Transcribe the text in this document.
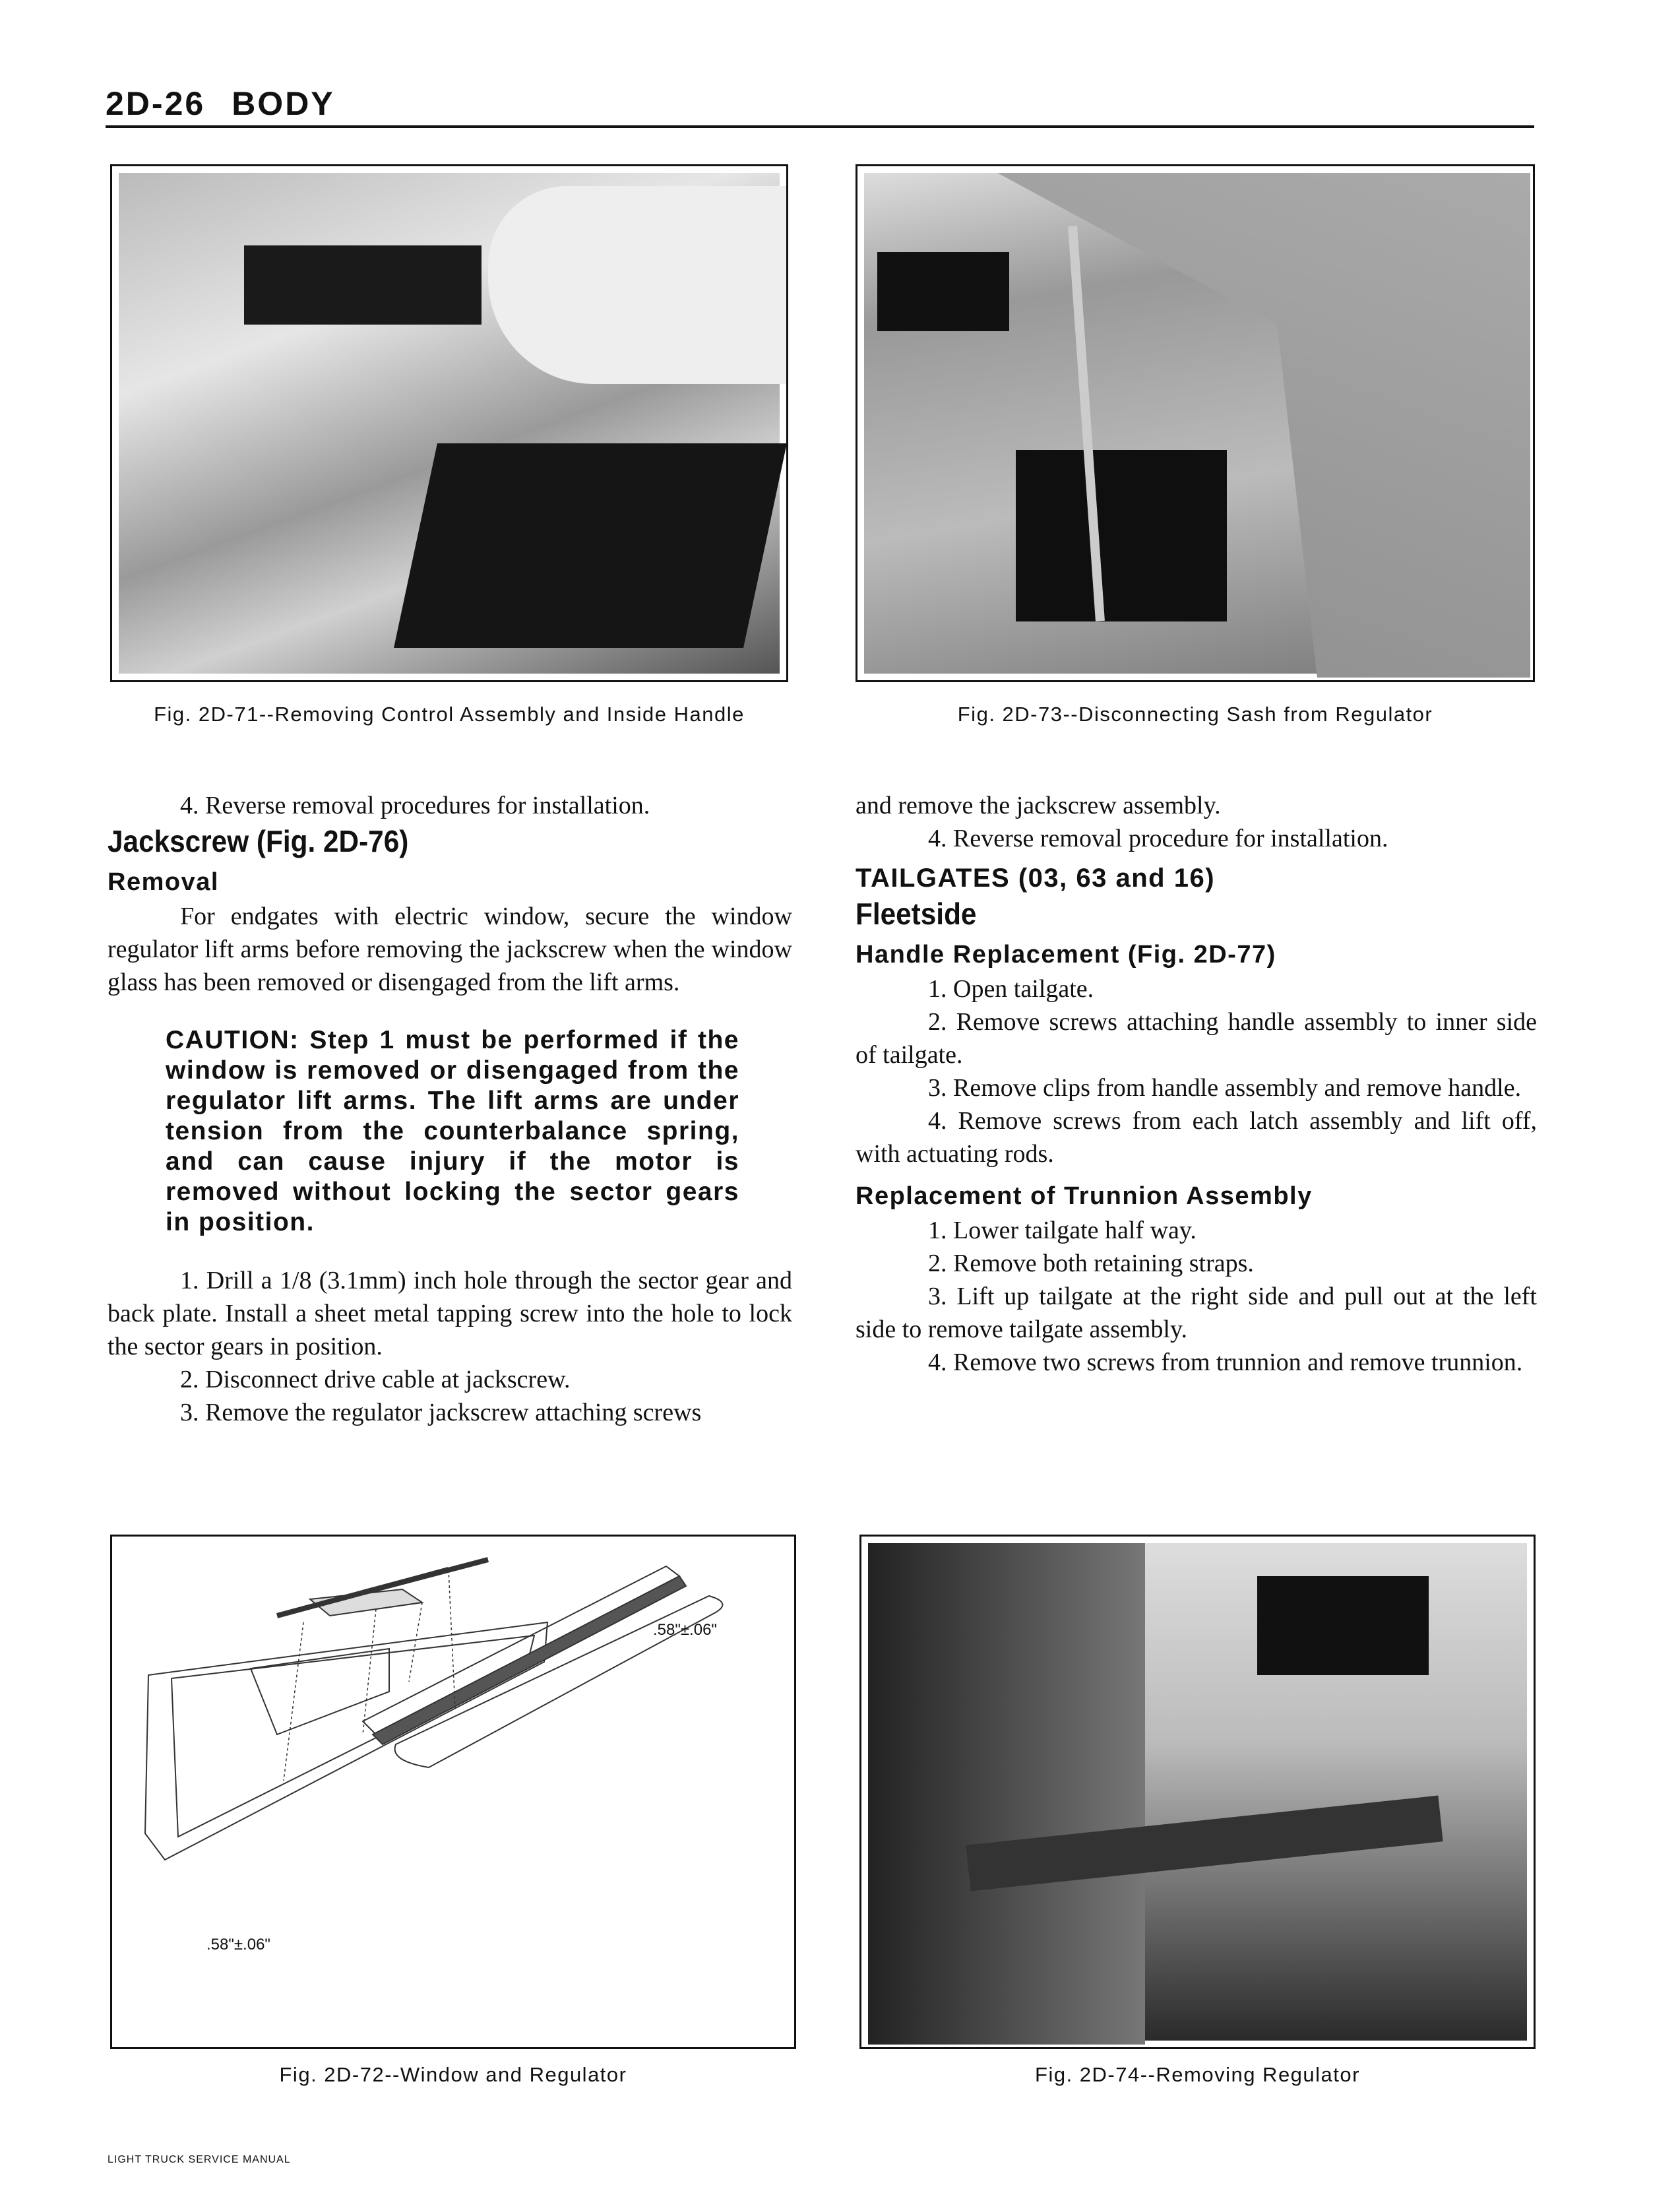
2D-26 BODY
Fig. 2D-71--Removing Control Assembly and Inside Handle	Fig. 2D-73--Disconnecting Sash from Regulator

4. Reverse removal procedures for installation.

Jackscrew (Fig. 2D-76)
Removal

For endgates with electric window, secure the window regulator lift arms before removing the jackscrew when the window glass has been removed or disengaged from the lift arms.

CAUTION: Step 1 must be performed if the window is removed or disengaged from the regulator lift arms. The lift arms are under tension from the counterbalance spring, and can cause injury if the motor is removed without locking the sector gears in position.

1. Drill a 1/8 (3.1mm) inch hole through the sector gear and back plate. Install a sheet metal tapping screw into the hole to lock the sector gears in position.

2. Disconnect drive cable at jackscrew.

3. Remove the regulator jackscrew attaching screws

and remove the jackscrew assembly.

4. Reverse removal procedure for installation.

TAILGATES (03, 63 and 16)
Fleetside
Handle Replacement (Fig. 2D-77)

1. Open tailgate.

2. Remove screws attaching handle assembly to inner side of tailgate.

3. Remove clips from handle assembly and remove handle.

4. Remove screws from each latch assembly and lift off, with actuating rods.

Replacement of Trunnion Assembly

1. Lower tailgate half way.

2. Remove both retaining straps.

3. Lift up tailgate at the right side and pull out at the left side to remove tailgate assembly.

4. Remove two screws from trunnion and remove trunnion.

.58"±.06"
.58"±.06"
Fig. 2D-72--Window and Regulator	Fig. 2D-74--Removing Regulator
LIGHT TRUCK SERVICE MANUAL
